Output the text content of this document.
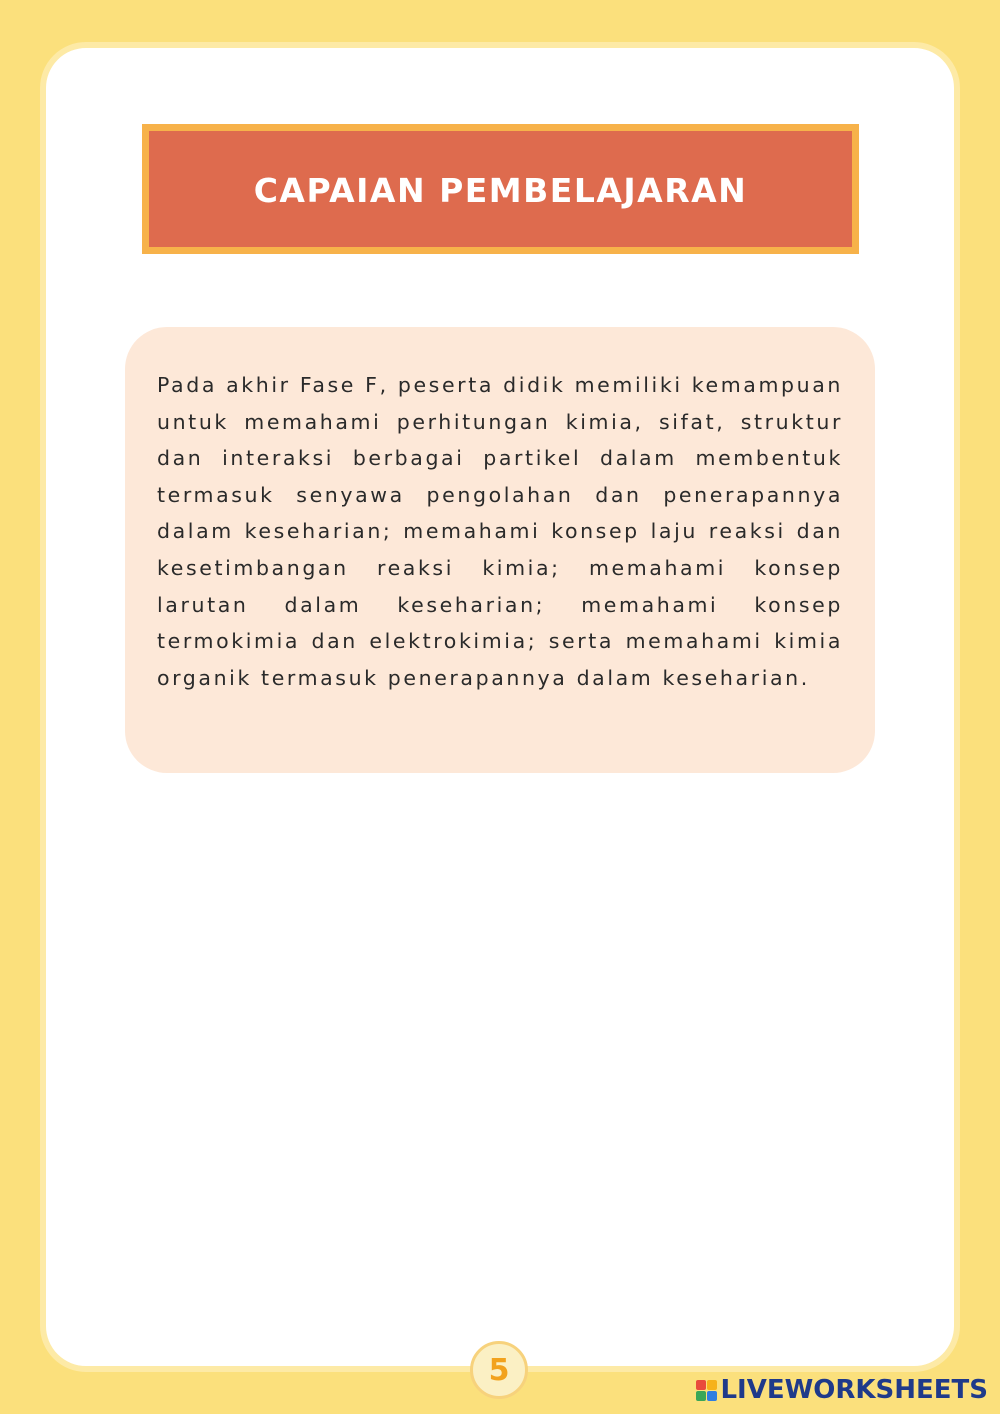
CAPAIAN PEMBELAJARAN

Pada akhir Fase F, peserta didik memiliki kemampuan untuk memahami perhitungan kimia, sifat, struktur dan interaksi berbagai partikel dalam membentuk termasuk senyawa pengolahan dan penerapannya dalam keseharian; memahami konsep laju reaksi dan kesetimbangan reaksi kimia; memahami konsep larutan dalam keseharian; memahami konsep termokimia dan elektrokimia; serta memahami kimia organik termasuk penerapannya dalam keseharian.

5
LIVEWORKSHEETS
